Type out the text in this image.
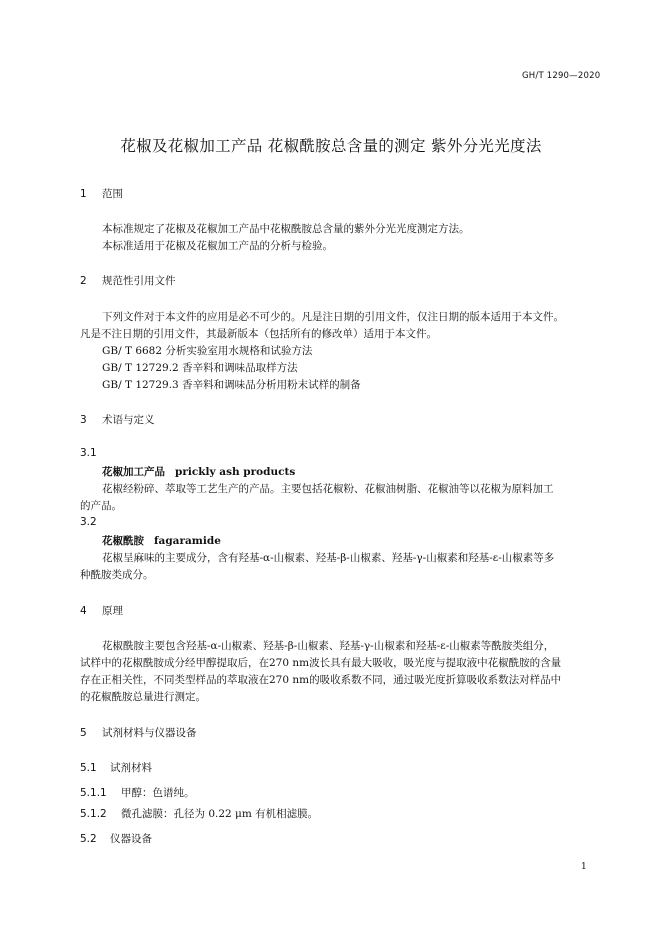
GH/T 1290—2020
花椒及花椒加工产品 花椒酰胺总含量的测定 紫外分光光度法
1 范围
本标准规定了花椒及花椒加工产品中花椒酰胺总含量的紫外分光光度测定方法。
本标准适用于花椒及花椒加工产品的分析与检验。
2 规范性引用文件
下列文件对于本文件的应用是必不可少的。凡是注日期的引用文件，仅注日期的版本适用于本文件。
凡是不注日期的引用文件，其最新版本（包括所有的修改单）适用于本文件。
GB/ T 6682 分析实验室用水规格和试验方法
GB/ T 12729.2 香辛料和调味品取样方法
GB/ T 12729.3 香辛料和调味品分析用粉末试样的制备
3 术语与定义
3.1
花椒加工产品 prickly ash products
花椒经粉碎、萃取等工艺生产的产品。主要包括花椒粉、花椒油树脂、花椒油等以花椒为原料加工
的产品。
3.2
花椒酰胺 fagaramide
花椒呈麻味的主要成分，含有羟基-α-山椒素、羟基-β-山椒素、羟基-γ-山椒素和羟基-ε-山椒素等多
种酰胺类成分。
4 原理
花椒酰胺主要包含羟基-α-山椒素、羟基-β-山椒素、羟基-γ-山椒素和羟基-ε-山椒素等酰胺类组分，
试样中的花椒酰胺成分经甲醇提取后，在270 nm波长具有最大吸收，吸光度与提取液中花椒酰胺的含量
存在正相关性，不同类型样品的萃取液在270 nm的吸收系数不同，通过吸光度折算吸收系数法对样品中
的花椒酰胺总量进行测定。
5 试剂材料与仪器设备
5.1 试剂材料
5.1.1 甲醇：色谱纯。
5.1.2 微孔滤膜：孔径为 0.22 μm 有机相滤膜。
5.2 仪器设备
1
